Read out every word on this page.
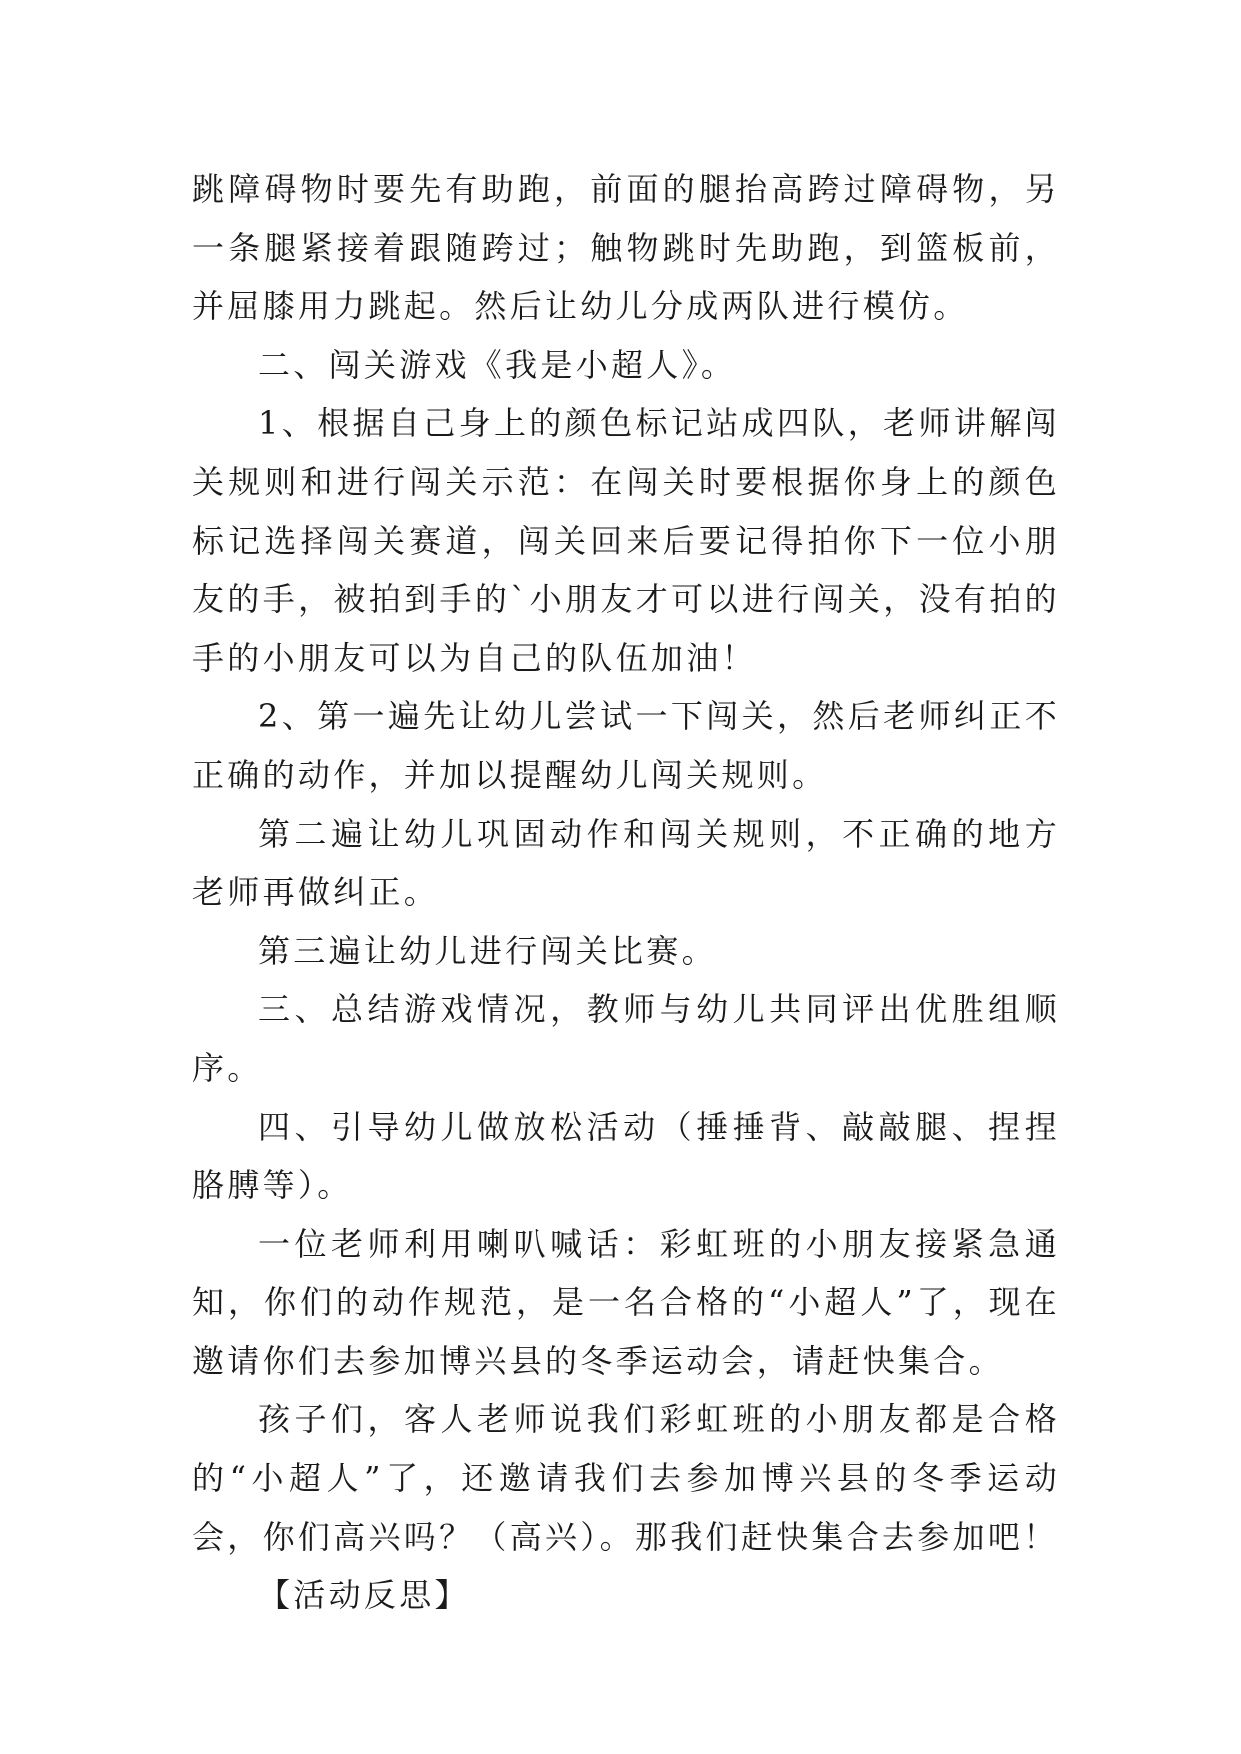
跳障碍物时要先有助跑，前面的腿抬高跨过障碍物，另一条腿紧接着跟随跨过；触物跳时先助跑，到篮板前，并屈膝用力跳起。然后让幼儿分成两队进行模仿。

二、闯关游戏《我是小超人》。

1、根据自己身上的颜色标记站成四队，老师讲解闯关规则和进行闯关示范：在闯关时要根据你身上的颜色标记选择闯关赛道，闯关回来后要记得拍你下一位小朋友的手，被拍到手的`小朋友才可以进行闯关，没有拍的手的小朋友可以为自己的队伍加油！

2、第一遍先让幼儿尝试一下闯关，然后老师纠正不正确的动作，并加以提醒幼儿闯关规则。

第二遍让幼儿巩固动作和闯关规则，不正确的地方老师再做纠正。

第三遍让幼儿进行闯关比赛。

三、总结游戏情况，教师与幼儿共同评出优胜组顺序。

四、引导幼儿做放松活动（捶捶背、敲敲腿、捏捏胳膊等）。

一位老师利用喇叭喊话：彩虹班的小朋友接紧急通知，你们的动作规范，是一名合格的“小超人”了，现在邀请你们去参加博兴县的冬季运动会，请赶快集合。

孩子们，客人老师说我们彩虹班的小朋友都是合格的“小超人”了，还邀请我们去参加博兴县的冬季运动会，你们高兴吗？（高兴）。那我们赶快集合去参加吧！

【活动反思】
